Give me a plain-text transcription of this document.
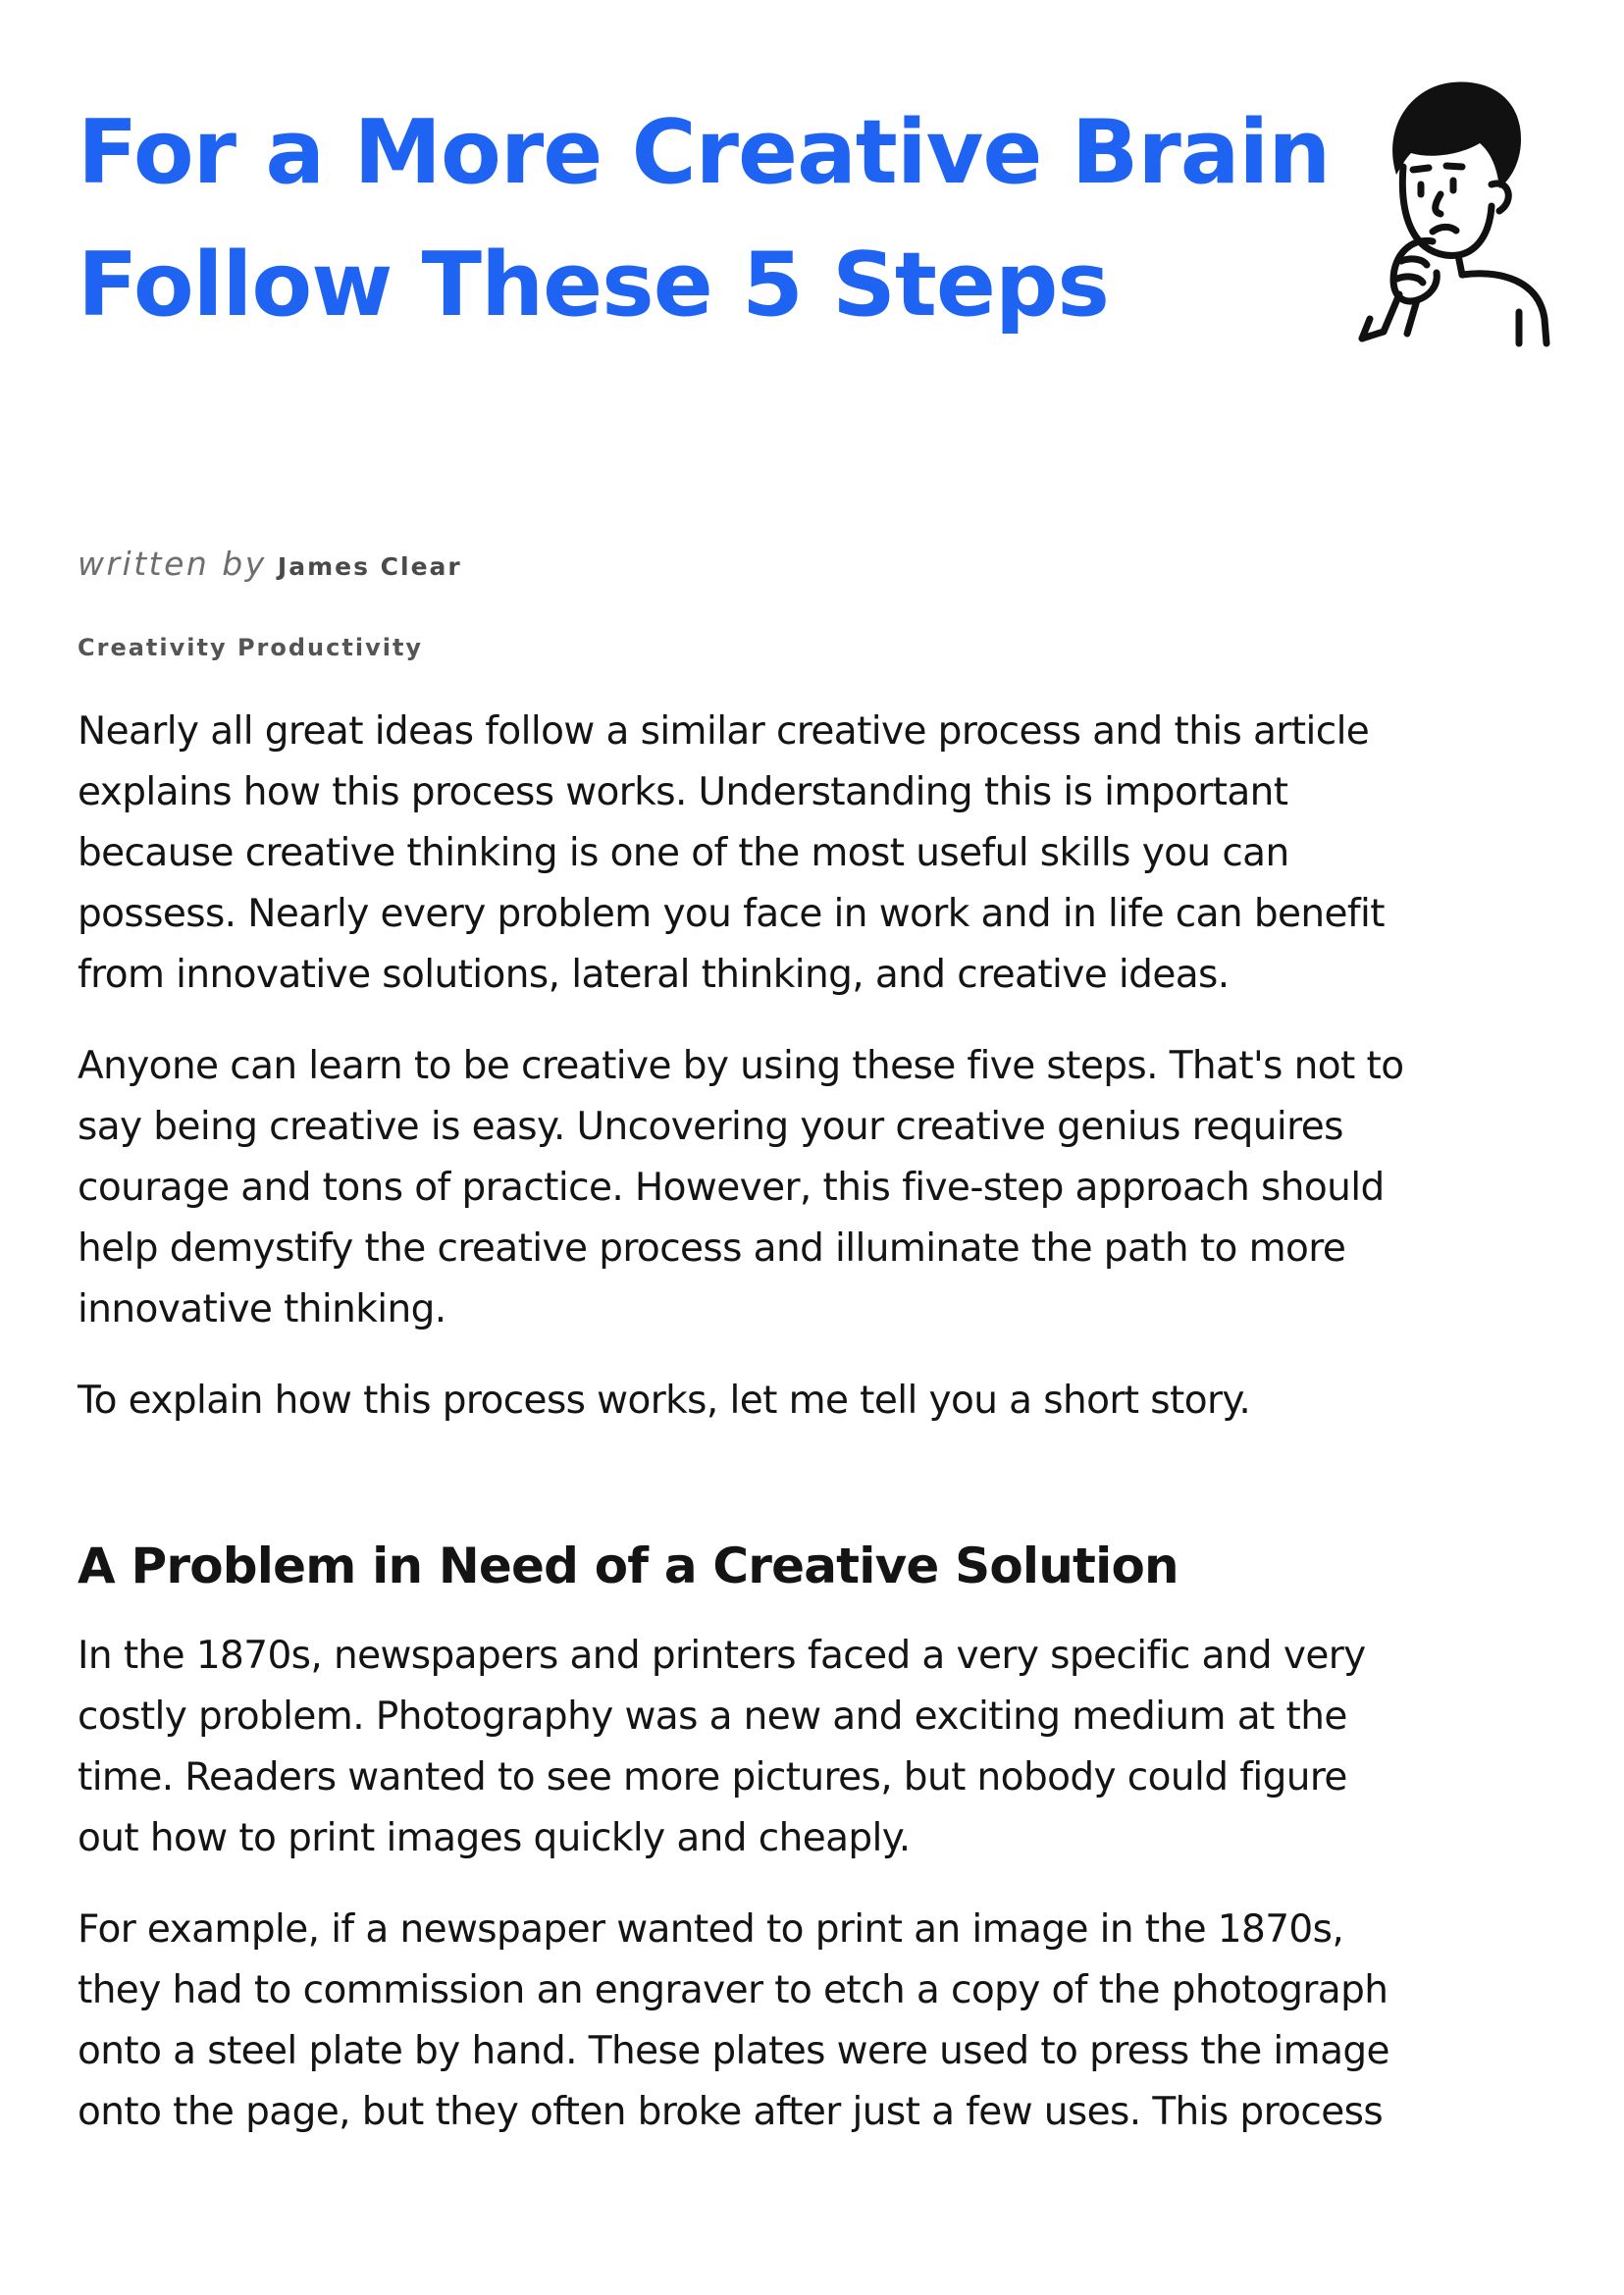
For a More Creative Brain
Follow These 5 Steps
written by James Clear
Creativity Productivity

Nearly all great ideas follow a similar creative process and this article
explains how this process works. Understanding this is important
because creative thinking is one of the most useful skills you can
possess. Nearly every problem you face in work and in life can benefit
from innovative solutions, lateral thinking, and creative ideas.

Anyone can learn to be creative by using these five steps. That's not to
say being creative is easy. Uncovering your creative genius requires
courage and tons of practice. However, this five-step approach should
help demystify the creative process and illuminate the path to more
innovative thinking.

To explain how this process works, let me tell you a short story.

A Problem in Need of a Creative Solution

In the 1870s, newspapers and printers faced a very specific and very
costly problem. Photography was a new and exciting medium at the
time. Readers wanted to see more pictures, but nobody could figure
out how to print images quickly and cheaply.

For example, if a newspaper wanted to print an image in the 1870s,
they had to commission an engraver to etch a copy of the photograph
onto a steel plate by hand. These plates were used to press the image
onto the page, but they often broke after just a few uses. This process
